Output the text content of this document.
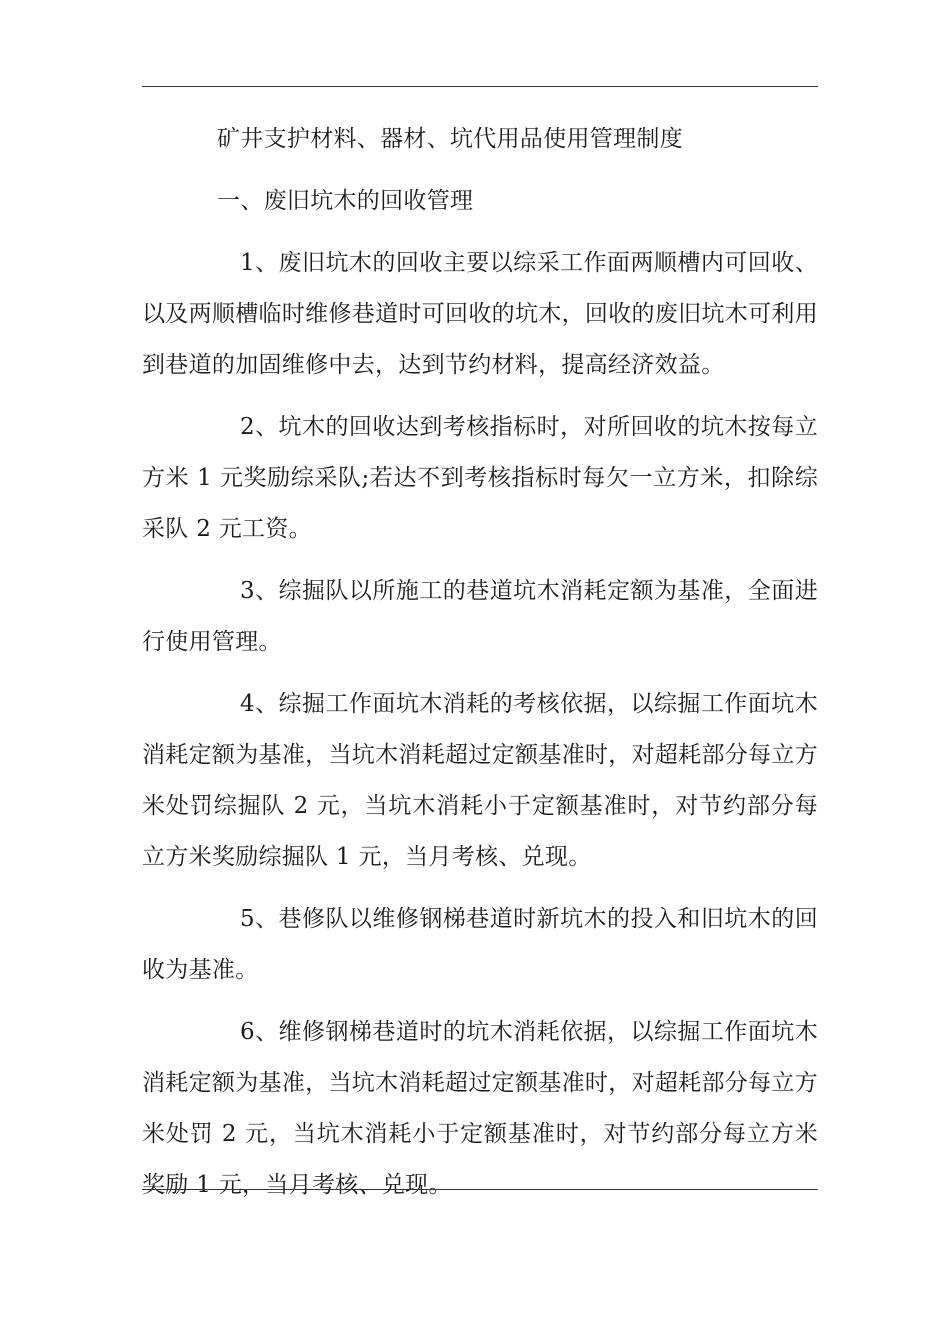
矿井支护材料、器材、坑代用品使用管理制度

一、废旧坑木的回收管理

1、废旧坑木的回收主要以综采工作面两顺槽内可回收、以及两顺槽临时维修巷道时可回收的坑木，回收的废旧坑木可利用到巷道的加固维修中去，达到节约材料，提高经济效益。

2、坑木的回收达到考核指标时，对所回收的坑木按每立方米 1 元奖励综采队;若达不到考核指标时每欠一立方米，扣除综采队 2 元工资。

3、综掘队以所施工的巷道坑木消耗定额为基准，全面进行使用管理。

4、综掘工作面坑木消耗的考核依据，以综掘工作面坑木消耗定额为基准，当坑木消耗超过定额基准时，对超耗部分每立方米处罚综掘队 2 元，当坑木消耗小于定额基准时，对节约部分每立方米奖励综掘队 1 元，当月考核、兑现。

5、巷修队以维修钢梯巷道时新坑木的投入和旧坑木的回收为基准。

6、维修钢梯巷道时的坑木消耗依据，以综掘工作面坑木消耗定额为基准，当坑木消耗超过定额基准时，对超耗部分每立方米处罚 2 元，当坑木消耗小于定额基准时，对节约部分每立方米奖励 1 元，当月考核、兑现。
